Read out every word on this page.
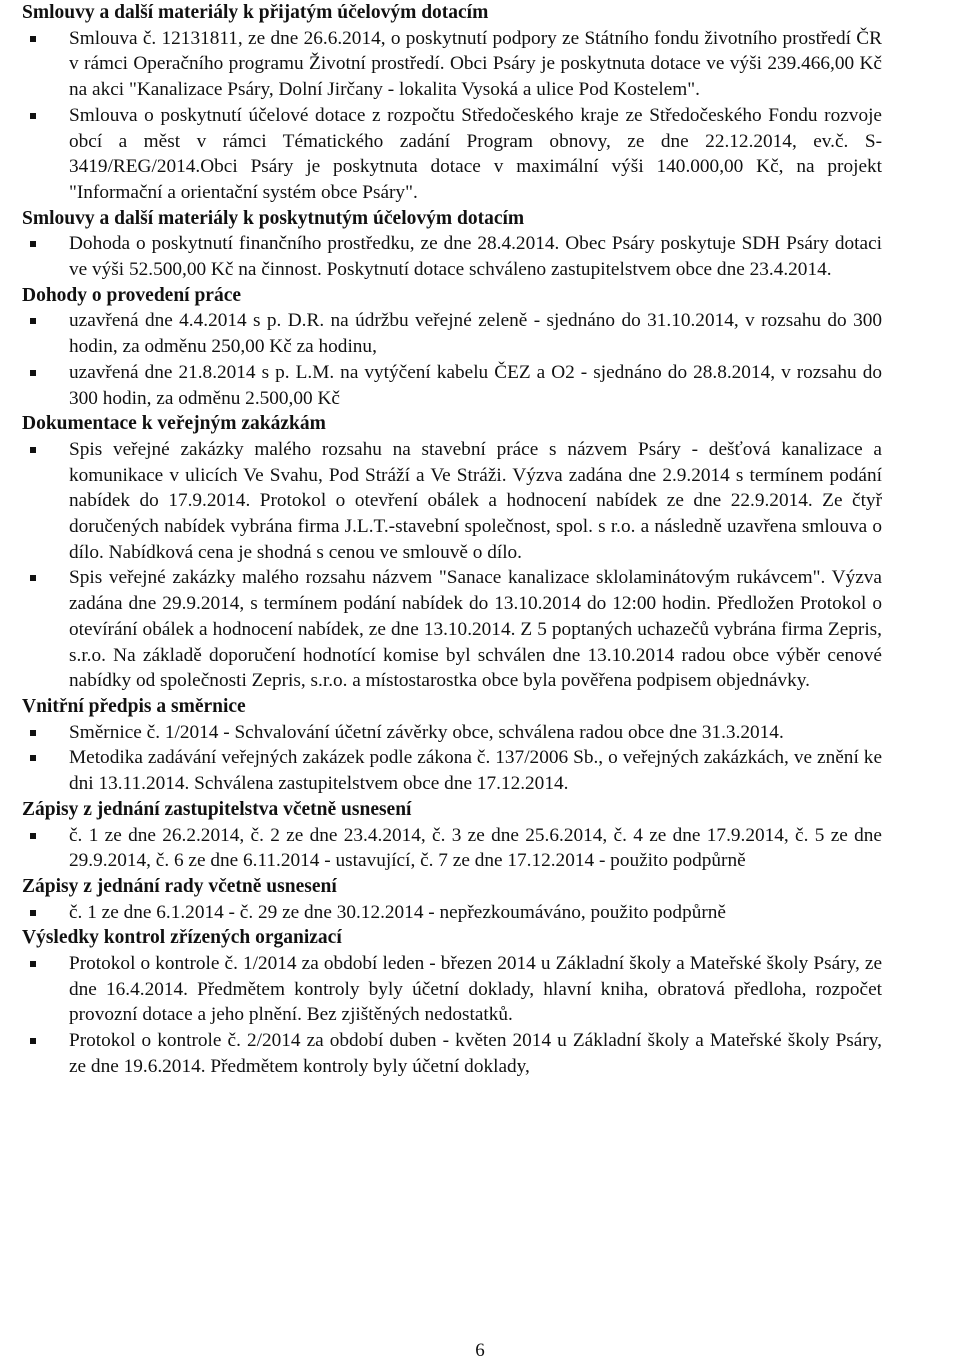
Smlouvy a další materiály k přijatým účelovým dotacím
Smlouva č. 12131811, ze dne 26.6.2014, o poskytnutí podpory ze Státního fondu životního prostředí ČR v rámci Operačního programu Životní prostředí. Obci Psáry je poskytnuta dotace ve výši 239.466,00 Kč na akci "Kanalizace Psáry, Dolní Jirčany - lokalita Vysoká a ulice Pod Kostelem".
Smlouva o poskytnutí účelové dotace z rozpočtu Středočeského kraje ze Středočeského Fondu rozvoje obcí a měst v rámci Tématického zadání Program obnovy, ze dne 22.12.2014, ev.č. S-3419/REG/2014.Obci Psáry je poskytnuta dotace v maximální výši 140.000,00 Kč, na projekt "Informační a orientační systém obce Psáry".
Smlouvy a další materiály k poskytnutým účelovým dotacím
Dohoda o poskytnutí finančního prostředku, ze dne 28.4.2014. Obec Psáry poskytuje SDH Psáry dotaci ve výši 52.500,00 Kč na činnost. Poskytnutí dotace schváleno zastupitelstvem obce dne 23.4.2014.
Dohody o provedení práce
uzavřená dne 4.4.2014 s p. D.R. na údržbu veřejné zeleně - sjednáno do 31.10.2014, v rozsahu do 300 hodin, za odměnu 250,00 Kč za hodinu,
uzavřená dne 21.8.2014 s p. L.M. na vytýčení kabelu ČEZ a O2 - sjednáno do 28.8.2014, v rozsahu do 300 hodin, za odměnu 2.500,00 Kč
Dokumentace k veřejným zakázkám
Spis veřejné zakázky malého rozsahu na stavební práce s názvem Psáry - dešťová kanalizace a komunikace v ulicích Ve Svahu, Pod Stráží a Ve Stráži. Výzva zadána dne 2.9.2014 s termínem podání nabídek do 17.9.2014. Protokol o otevření obálek a hodnocení nabídek ze dne 22.9.2014. Ze čtyř doručených nabídek vybrána firma J.L.T.-stavební společnost, spol. s r.o. a následně uzavřena smlouva o dílo. Nabídková cena je shodná s cenou ve smlouvě o dílo.
Spis veřejné zakázky malého rozsahu názvem "Sanace kanalizace sklolaminátovým rukávcem". Výzva zadána dne 29.9.2014, s termínem podání nabídek do 13.10.2014 do 12:00 hodin. Předložen Protokol o otevírání obálek a hodnocení nabídek, ze dne 13.10.2014. Z 5 poptaných uchazečů vybrána firma Zepris, s.r.o. Na základě doporučení hodnotící komise byl schválen dne 13.10.2014 radou obce výběr cenové nabídky od společnosti Zepris, s.r.o. a místostarostka obce byla pověřena podpisem objednávky.
Vnitřní předpis a směrnice
Směrnice č. 1/2014 - Schvalování účetní závěrky obce, schválena radou obce dne 31.3.2014.
Metodika zadávání veřejných zakázek podle zákona č. 137/2006 Sb., o veřejných zakázkách, ve znění ke dni 13.11.2014. Schválena zastupitelstvem obce dne 17.12.2014.
Zápisy z jednání zastupitelstva včetně usnesení
č. 1 ze dne 26.2.2014, č. 2 ze dne 23.4.2014, č. 3 ze dne 25.6.2014, č. 4 ze dne 17.9.2014, č. 5 ze dne 29.9.2014, č. 6 ze dne 6.11.2014 - ustavující, č. 7 ze dne 17.12.2014 - použito podpůrně
Zápisy z jednání rady včetně usnesení
č. 1 ze dne 6.1.2014 - č. 29 ze dne 30.12.2014 - nepřezkoumáváno, použito podpůrně
Výsledky kontrol zřízených organizací
Protokol o kontrole č. 1/2014 za období leden - březen 2014 u Základní školy a Mateřské školy Psáry, ze dne 16.4.2014. Předmětem kontroly byly účetní doklady, hlavní kniha, obratová předloha, rozpočet provozní dotace a jeho plnění. Bez zjištěných nedostatků.
Protokol o kontrole č. 2/2014 za období duben - květen 2014 u Základní školy a Mateřské školy Psáry, ze dne 19.6.2014. Předmětem kontroly byly účetní doklady,
6
